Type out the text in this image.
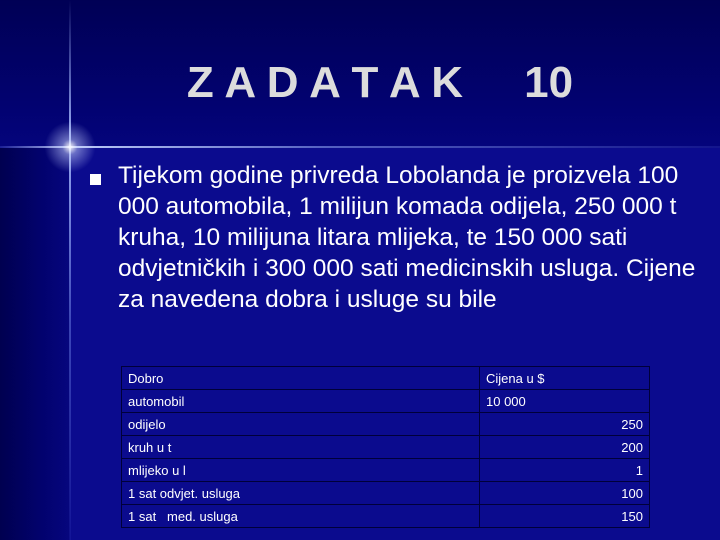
Z A D A T A K     10

Tijekom godine privreda Lobolanda je proizvela 100 000 automobila, 1 milijun komada odijela, 250 000 t kruha, 10 milijuna litara mlijeka, te 150 000 sati odvjetničkih i 300 000 sati medicinskih usluga. Cijene za navedena dobra i usluge su bile

Dobro	Cijena u $
automobil	10 000
odijelo	250
kruh u t	200
mlijeko u l	1
1 sat odvjet. usluga	100
1 sat   med. usluga	150
